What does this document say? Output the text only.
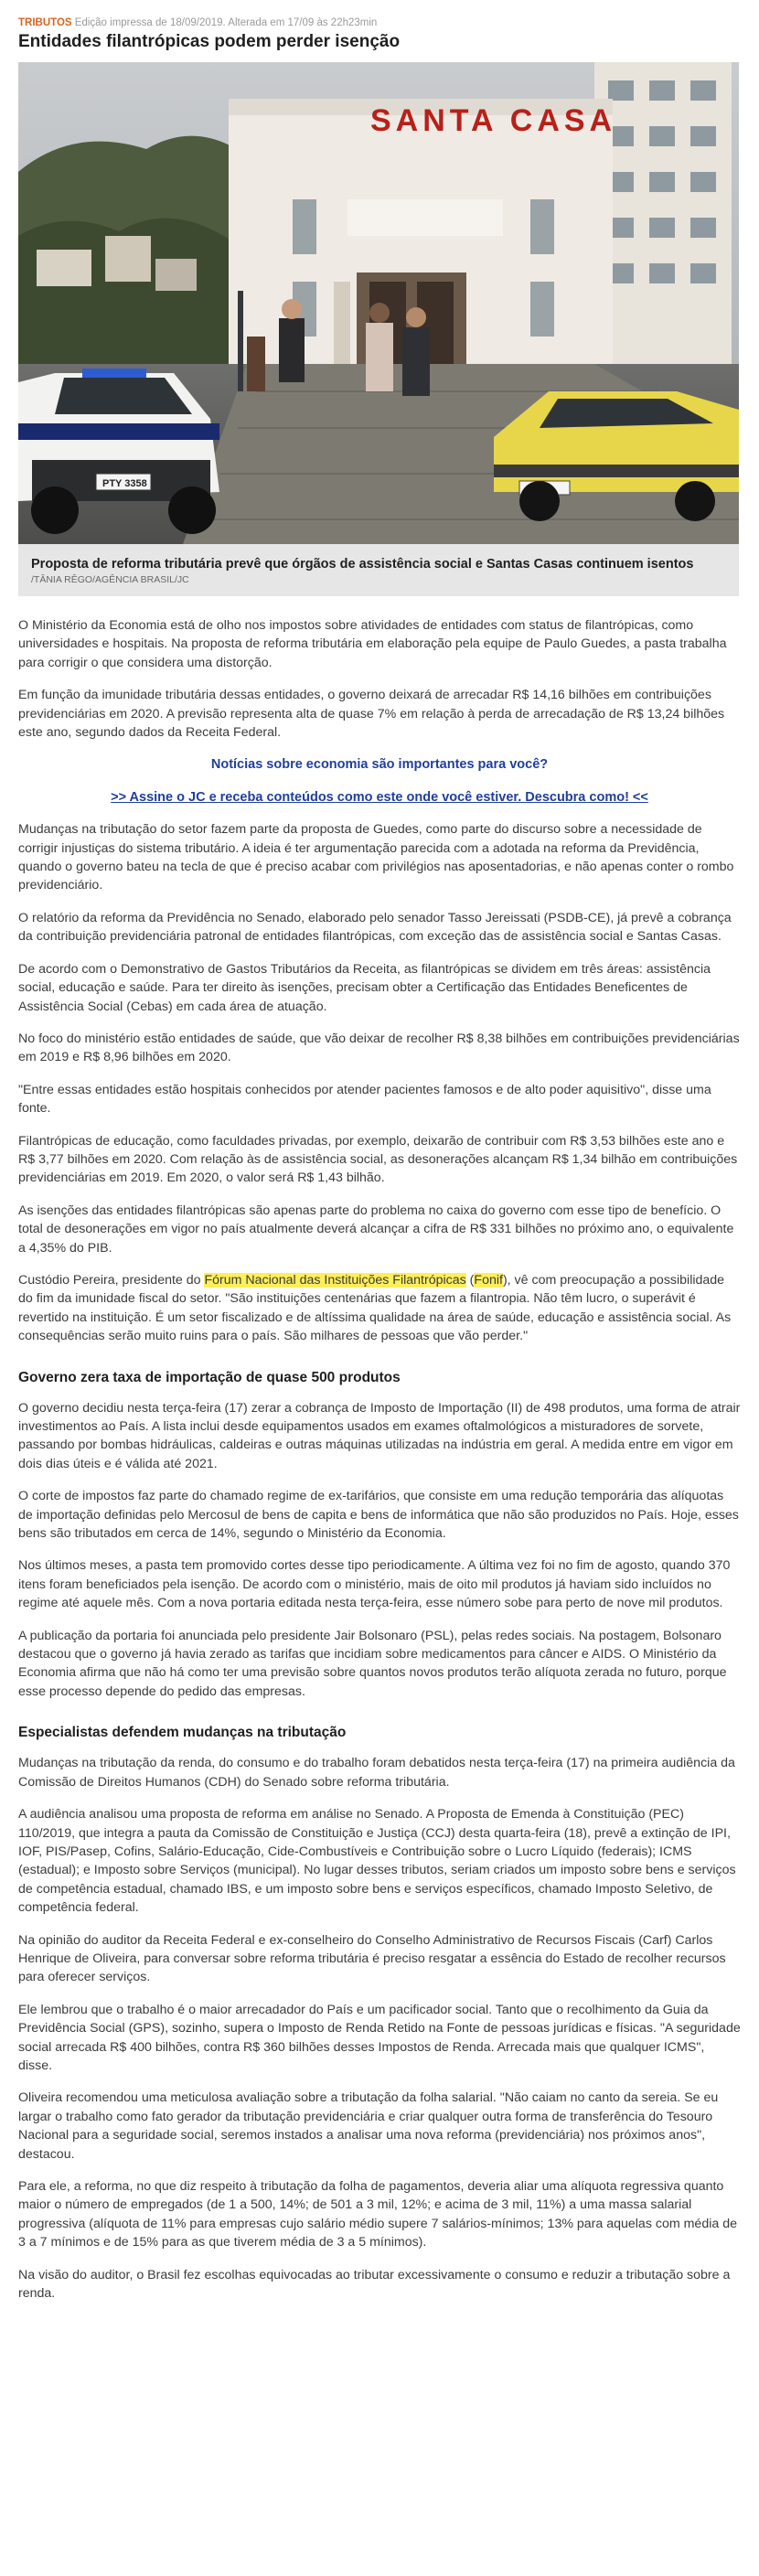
TRIBUTOS Edição impressa de 18/09/2019. Alterada em 17/09 às 22h23min
Entidades filantrópicas podem perder isenção
SANTA CASA
PTY 3358
Proposta de reforma tributária prevê que órgãos de assistência social e Santas Casas continuem isentos
/TÂNIA RÊGO/AGÊNCIA BRASIL/JC

O Ministério da Economia está de olho nos impostos sobre atividades de entidades com status de filantrópicas, como universidades e hospitais. Na proposta de reforma tributária em elaboração pela equipe de Paulo Guedes, a pasta trabalha para corrigir o que considera uma distorção.

Em função da imunidade tributária dessas entidades, o governo deixará de arrecadar R$ 14,16 bilhões em contribuições previdenciárias em 2020. A previsão representa alta de quase 7% em relação à perda de arrecadação de R$ 13,24 bilhões este ano, segundo dados da Receita Federal.

Notícias sobre economia são importantes para você?

>> Assine o JC e receba conteúdos como este onde você estiver. Descubra como! <<

Mudanças na tributação do setor fazem parte da proposta de Guedes, como parte do discurso sobre a necessidade de corrigir injustiças do sistema tributário. A ideia é ter argumentação parecida com a adotada na reforma da Previdência, quando o governo bateu na tecla de que é preciso acabar com privilégios nas aposentadorias, e não apenas conter o rombo previdenciário.

O relatório da reforma da Previdência no Senado, elaborado pelo senador Tasso Jereissati (PSDB-CE), já prevê a cobrança da contribuição previdenciária patronal de entidades filantrópicas, com exceção das de assistência social e Santas Casas.

De acordo com o Demonstrativo de Gastos Tributários da Receita, as filantrópicas se dividem em três áreas: assistência social, educação e saúde. Para ter direito às isenções, precisam obter a Certificação das Entidades Beneficentes de Assistência Social (Cebas) em cada área de atuação.

No foco do ministério estão entidades de saúde, que vão deixar de recolher R$ 8,38 bilhões em contribuições previdenciárias em 2019 e R$ 8,96 bilhões em 2020.

"Entre essas entidades estão hospitais conhecidos por atender pacientes famosos e de alto poder aquisitivo", disse uma fonte.

Filantrópicas de educação, como faculdades privadas, por exemplo, deixarão de contribuir com R$ 3,53 bilhões este ano e R$ 3,77 bilhões em 2020. Com relação às de assistência social, as desonerações alcançam R$ 1,34 bilhão em contribuições previdenciárias em 2019. Em 2020, o valor será R$ 1,43 bilhão.

As isenções das entidades filantrópicas são apenas parte do problema no caixa do governo com esse tipo de benefício. O total de desonerações em vigor no país atualmente deverá alcançar a cifra de R$ 331 bilhões no próximo ano, o equivalente a 4,35% do PIB.

Custódio Pereira, presidente do Fórum Nacional das Instituições Filantrópicas (Fonif), vê com preocupação a possibilidade do fim da imunidade fiscal do setor. "São instituições centenárias que fazem a filantropia. Não têm lucro, o superávit é revertido na instituição. É um setor fiscalizado e de altíssima qualidade na área de saúde, educação e assistência social. As consequências serão muito ruins para o país. São milhares de pessoas que vão perder."

Governo zera taxa de importação de quase 500 produtos

O governo decidiu nesta terça-feira (17) zerar a cobrança de Imposto de Importação (II) de 498 produtos, uma forma de atrair investimentos ao País. A lista inclui desde equipamentos usados em exames oftalmológicos a misturadores de sorvete, passando por bombas hidráulicas, caldeiras e outras máquinas utilizadas na indústria em geral. A medida entre em vigor em dois dias úteis e é válida até 2021.

O corte de impostos faz parte do chamado regime de ex-tarifários, que consiste em uma redução temporária das alíquotas de importação definidas pelo Mercosul de bens de capita e bens de informática que não são produzidos no País. Hoje, esses bens são tributados em cerca de 14%, segundo o Ministério da Economia.

Nos últimos meses, a pasta tem promovido cortes desse tipo periodicamente. A última vez foi no fim de agosto, quando 370 itens foram beneficiados pela isenção. De acordo com o ministério, mais de oito mil produtos já haviam sido incluídos no regime até aquele mês. Com a nova portaria editada nesta terça-feira, esse número sobe para perto de nove mil produtos.

A publicação da portaria foi anunciada pelo presidente Jair Bolsonaro (PSL), pelas redes sociais. Na postagem, Bolsonaro destacou que o governo já havia zerado as tarifas que incidiam sobre medicamentos para câncer e AIDS. O Ministério da Economia afirma que não há como ter uma previsão sobre quantos novos produtos terão alíquota zerada no futuro, porque esse processo depende do pedido das empresas.

Especialistas defendem mudanças na tributação

Mudanças na tributação da renda, do consumo e do trabalho foram debatidos nesta terça-feira (17) na primeira audiência da Comissão de Direitos Humanos (CDH) do Senado sobre reforma tributária.

A audiência analisou uma proposta de reforma em análise no Senado. A Proposta de Emenda à Constituição (PEC) 110/2019, que integra a pauta da Comissão de Constituição e Justiça (CCJ) desta quarta-feira (18), prevê a extinção de IPI, IOF, PIS/Pasep, Cofins, Salário-Educação, Cide-Combustíveis e Contribuição sobre o Lucro Líquido (federais); ICMS (estadual); e Imposto sobre Serviços (municipal). No lugar desses tributos, seriam criados um imposto sobre bens e serviços de competência estadual, chamado IBS, e um imposto sobre bens e serviços específicos, chamado Imposto Seletivo, de competência federal.

Na opinião do auditor da Receita Federal e ex-conselheiro do Conselho Administrativo de Recursos Fiscais (Carf) Carlos Henrique de Oliveira, para conversar sobre reforma tributária é preciso resgatar a essência do Estado de recolher recursos para oferecer serviços.

Ele lembrou que o trabalho é o maior arrecadador do País e um pacificador social. Tanto que o recolhimento da Guia da Previdência Social (GPS), sozinho, supera o Imposto de Renda Retido na Fonte de pessoas jurídicas e físicas. "A seguridade social arrecada R$ 400 bilhões, contra R$ 360 bilhões desses Impostos de Renda. Arrecada mais que qualquer ICMS", disse.

Oliveira recomendou uma meticulosa avaliação sobre a tributação da folha salarial. "Não caiam no canto da sereia. Se eu largar o trabalho como fato gerador da tributação previdenciária e criar qualquer outra forma de transferência do Tesouro Nacional para a seguridade social, seremos instados a analisar uma nova reforma (previdenciária) nos próximos anos", destacou.

Para ele, a reforma, no que diz respeito à tributação da folha de pagamentos, deveria aliar uma alíquota regressiva quanto maior o número de empregados (de 1 a 500, 14%; de 501 a 3 mil, 12%; e acima de 3 mil, 11%) a uma massa salarial progressiva (alíquota de 11% para empresas cujo salário médio supere 7 salários-mínimos; 13% para aquelas com média de 3 a 7 mínimos e de 15% para as que tiverem média de 3 a 5 mínimos).

Na visão do auditor, o Brasil fez escolhas equivocadas ao tributar excessivamente o consumo e reduzir a tributação sobre a renda.
